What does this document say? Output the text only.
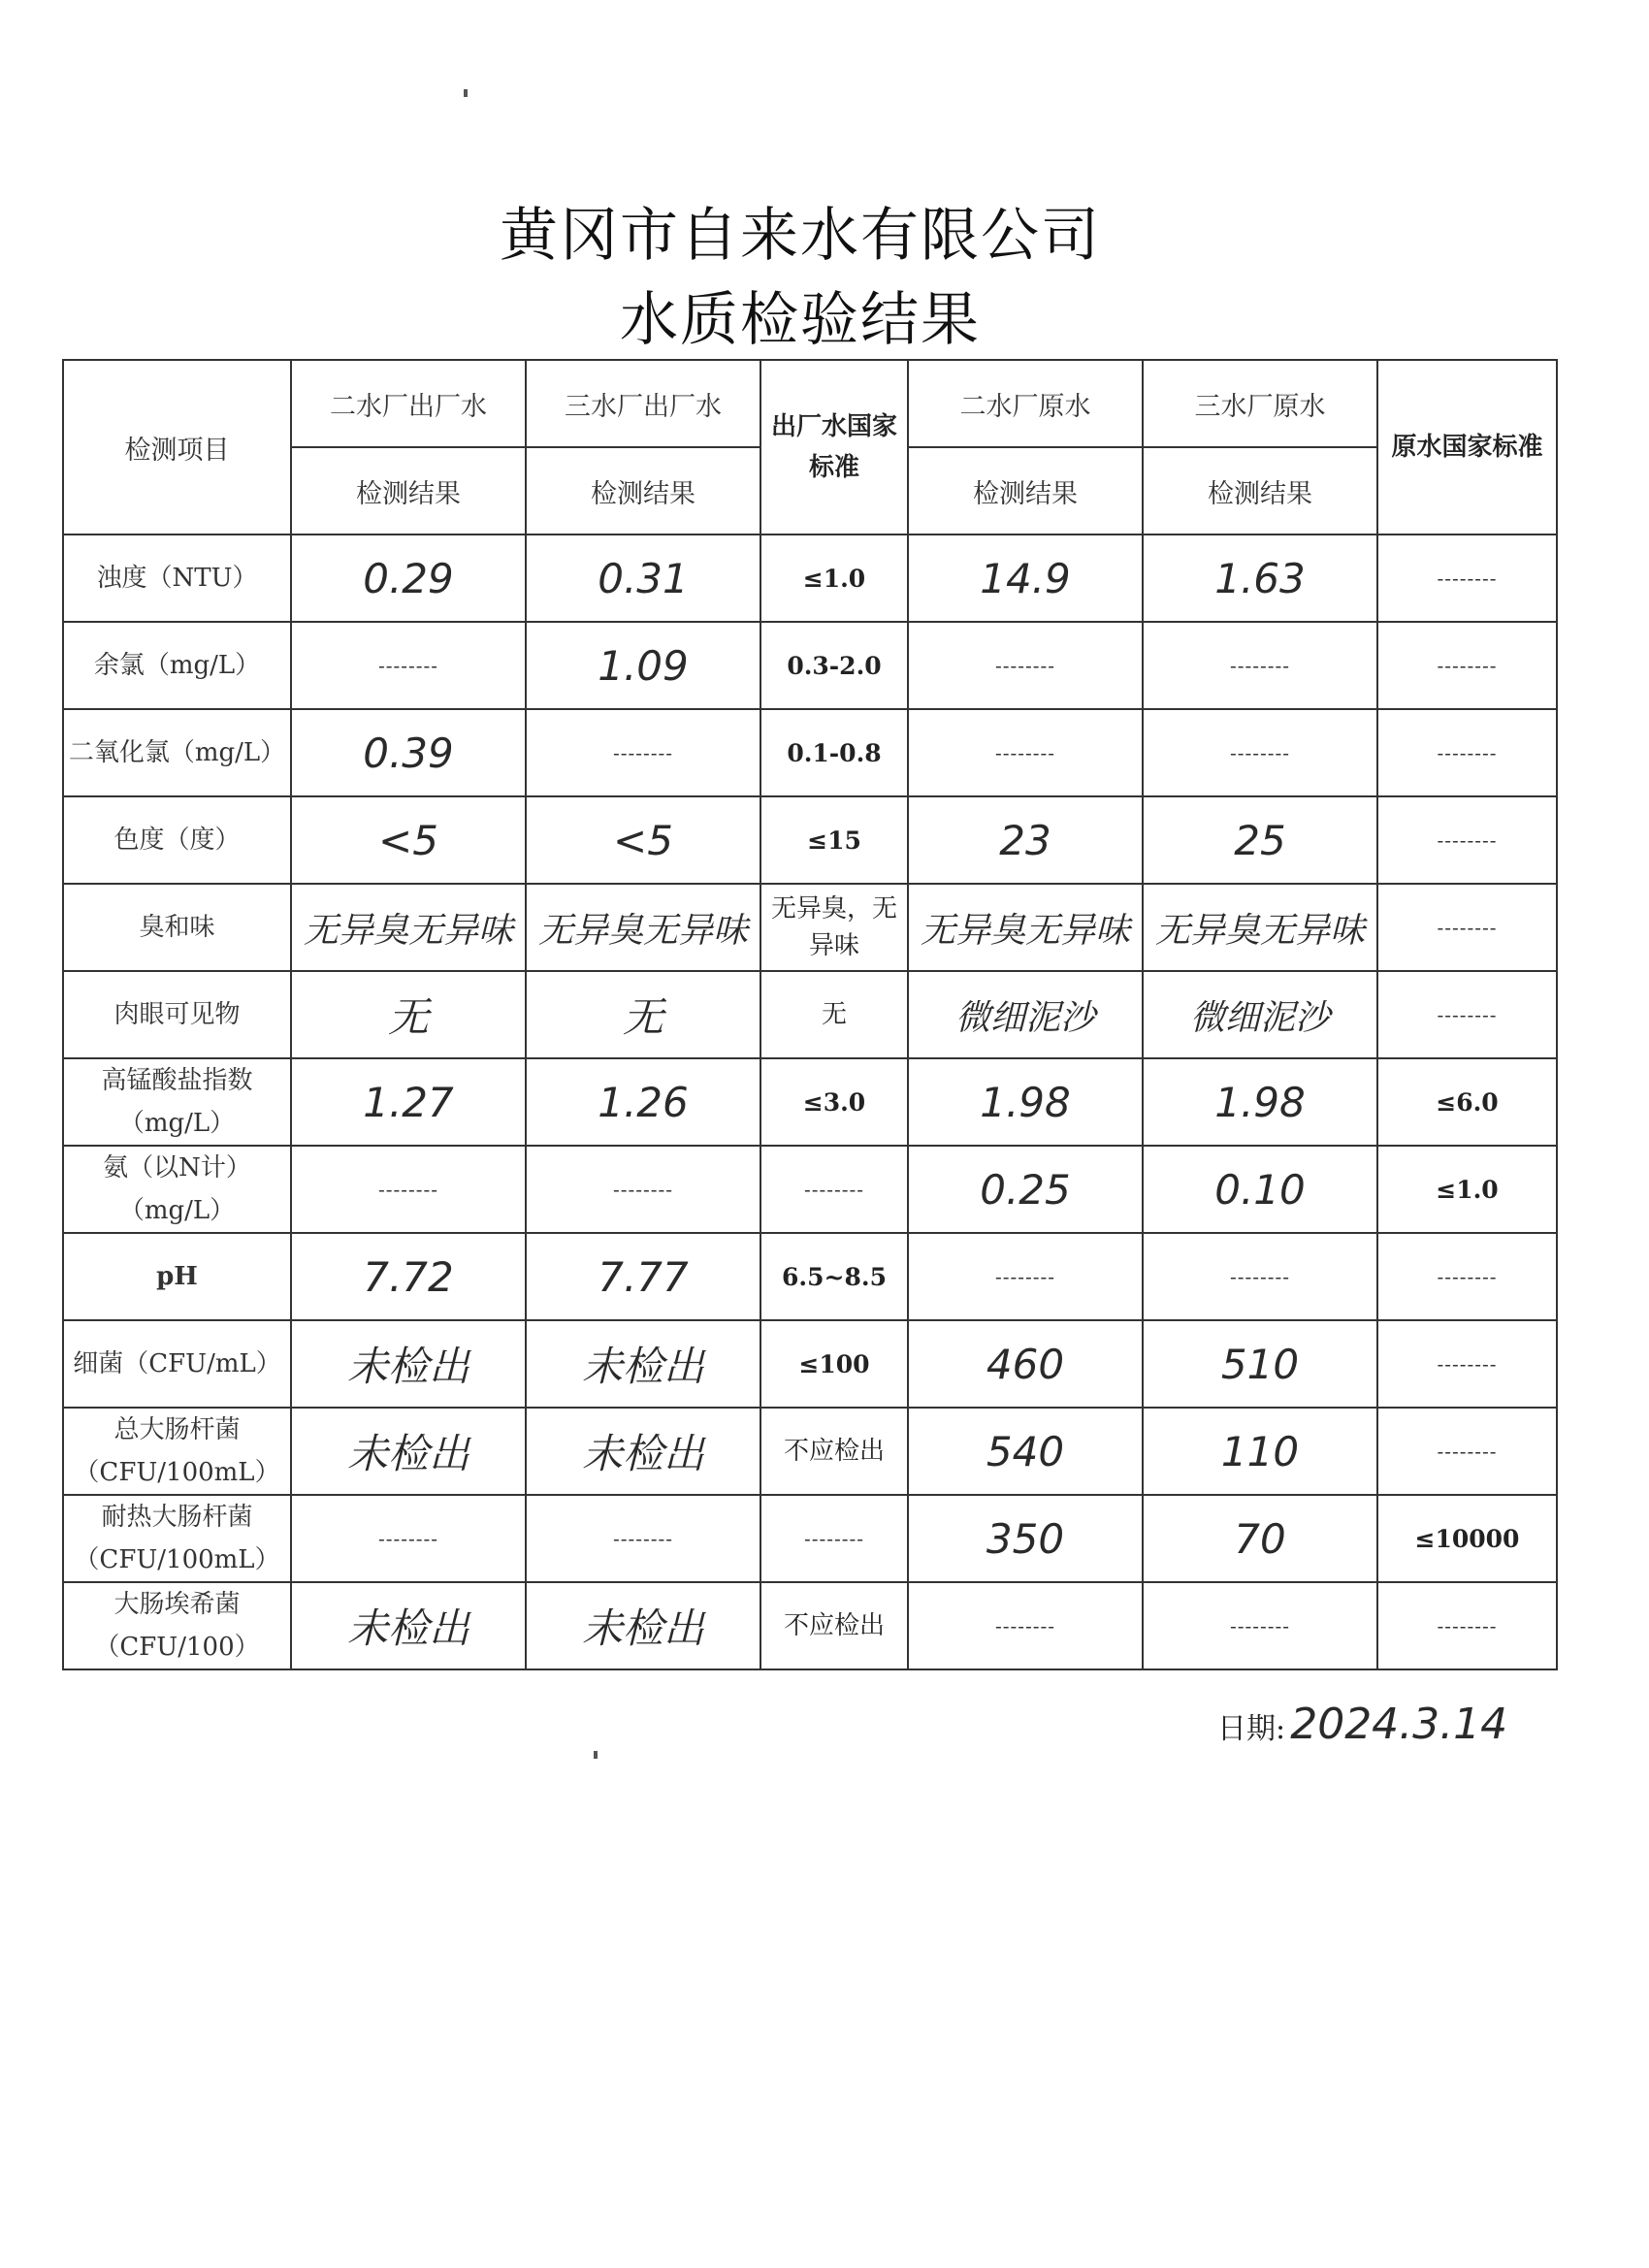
黄冈市自来水有限公司
水质检验结果
检测项目	二水厂出厂水	三水厂出厂水	出厂水国家标准	二水厂原水	三水厂原水	原水国家标准
	检测结果	检测结果		检测结果	检测结果	
浊度（NTU）	0.29	0.31	≤1.0	14.9	1.63	--------
余氯（mg/L）	--------	1.09	0.3-2.0	--------	--------	--------
二氧化氯（mg/L）	0.39	--------	0.1-0.8	--------	--------	--------
色度（度）	<5	<5	≤15	23	25	--------
臭和味	无异臭无异味	无异臭无异味	无异臭，无异味	无异臭无异味	无异臭无异味	--------
肉眼可见物	无	无	无	微细泥沙	微细泥沙	--------
高锰酸盐指数（mg/L）	1.27	1.26	≤3.0	1.98	1.98	≤6.0
氨（以N计）（mg/L）	--------	--------	--------	0.25	0.10	≤1.0
pH	7.72	7.77	6.5~8.5	--------	--------	--------
细菌（CFU/mL）	未检出	未检出	≤100	460	510	--------
总大肠杆菌（CFU/100mL）	未检出	未检出	不应检出	540	110	--------
耐热大肠杆菌（CFU/100mL）	--------	--------	--------	350	70	≤10000
大肠埃希菌（CFU/100）	未检出	未检出	不应检出	--------	--------	--------
日期: 2024.3.14
